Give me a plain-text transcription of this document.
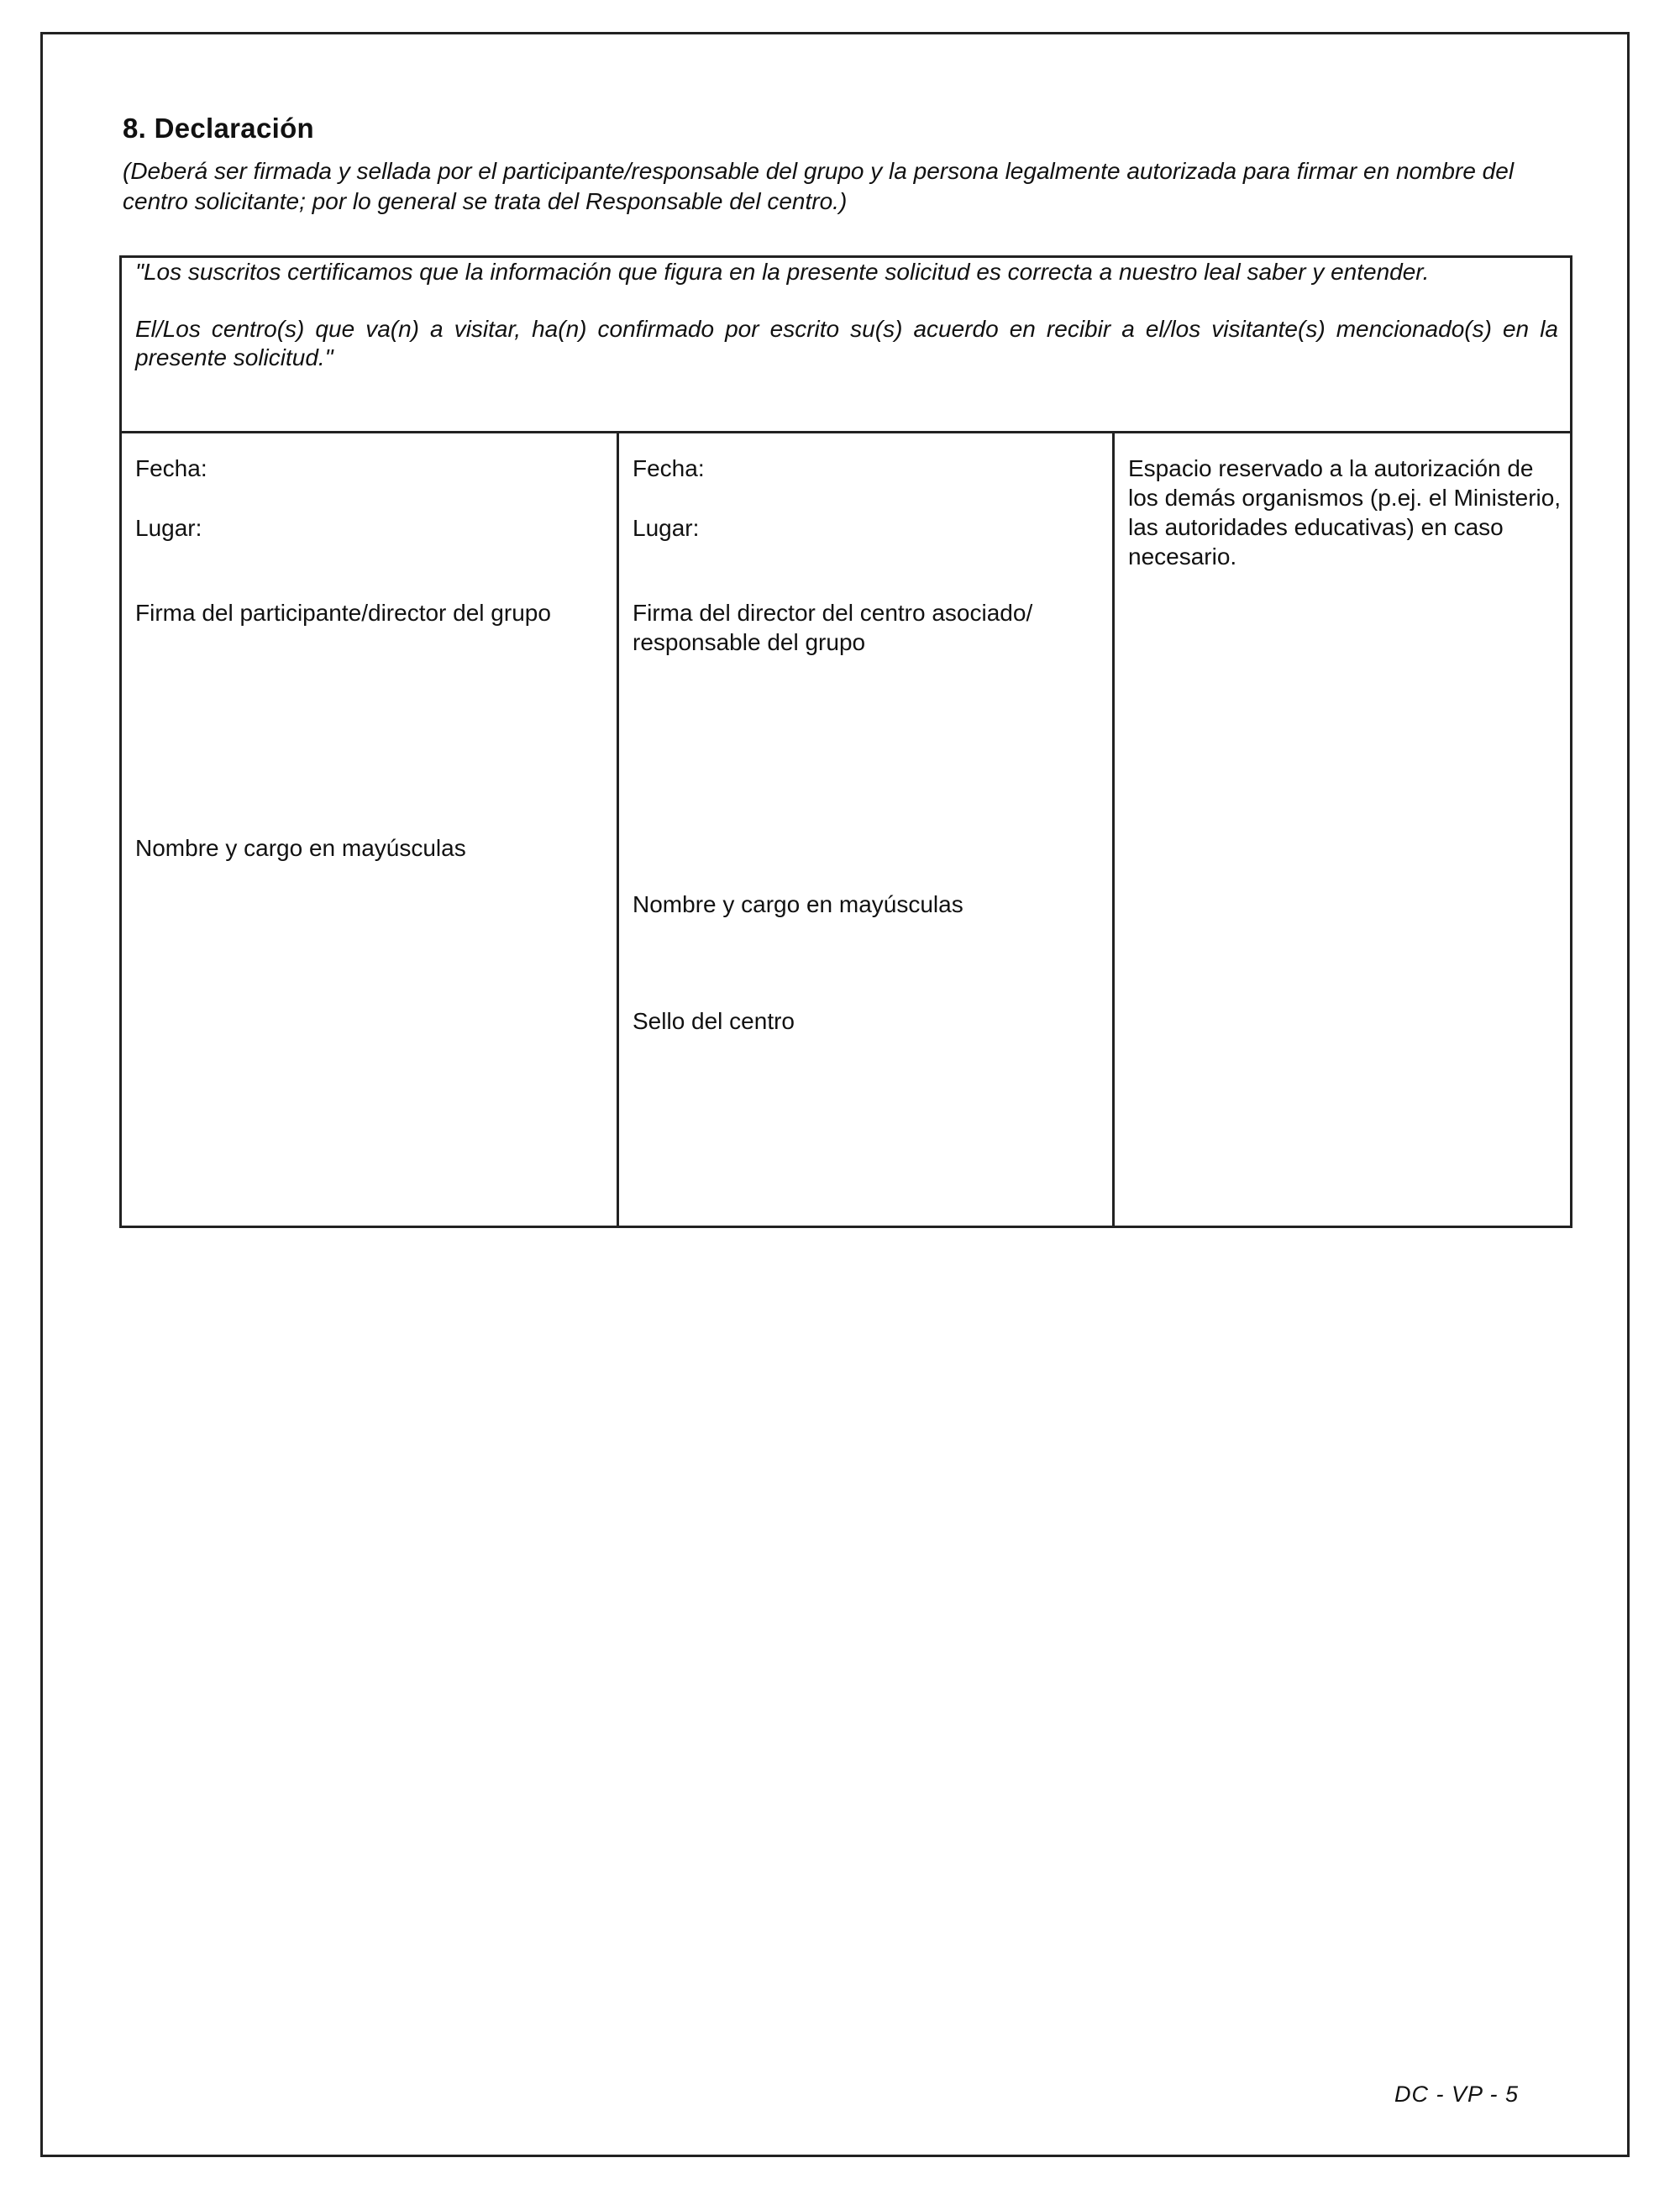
8. Declaración
(Deberá ser firmada y sellada por el participante/responsable del grupo y la persona legalmente autorizada para firmar en nombre del centro solicitante; por lo general se trata del Responsable del centro.)

"Los suscritos certificamos que la información que figura en la presente solicitud es correcta a nuestro leal saber y entender.

El/Los centro(s) que va(n) a visitar, ha(n) confirmado por escrito su(s) acuerdo en recibir a el/los visitante(s) mencionado(s) en la presente solicitud."

Fecha:
Lugar:
Firma del participante/director del grupo
Nombre y cargo en mayúsculas
Fecha:
Lugar:
Firma del director del centro asociado/ responsable del grupo
Nombre y cargo en mayúsculas
Sello del centro
Espacio reservado a la autorización de los demás organismos (p.ej. el Ministerio, las autoridades educativas) en caso necesario.
DC - VP - 5
